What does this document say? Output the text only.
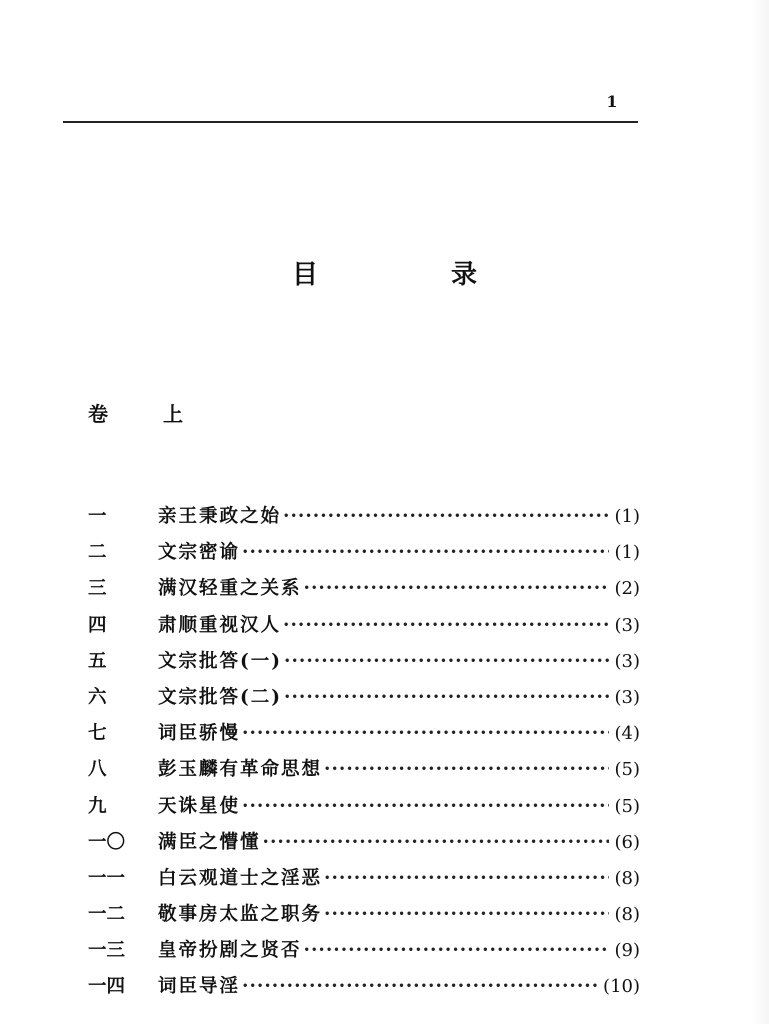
1
目 录
卷 上
一	亲王秉政之始 ·····	(1)
二	文宗密谕 ·····	(1)
三	满汉轻重之关系 ·····	(2)
四	肃顺重视汉人 ·····	(3)
五	文宗批答(一) ·····	(3)
六	文宗批答(二) ·····	(3)
七	词臣骄慢 ·····	(4)
八	彭玉麟有革命思想 ·····	(5)
九	天诛星使 ·····	(5)
一〇	满臣之懵懂 ·····	(6)
一一	白云观道士之淫恶 ·····	(8)
一二	敬事房太监之职务 ·····	(8)
一三	皇帝扮剧之贤否 ·····	(9)
一四	词臣导淫 ·····	(10)
